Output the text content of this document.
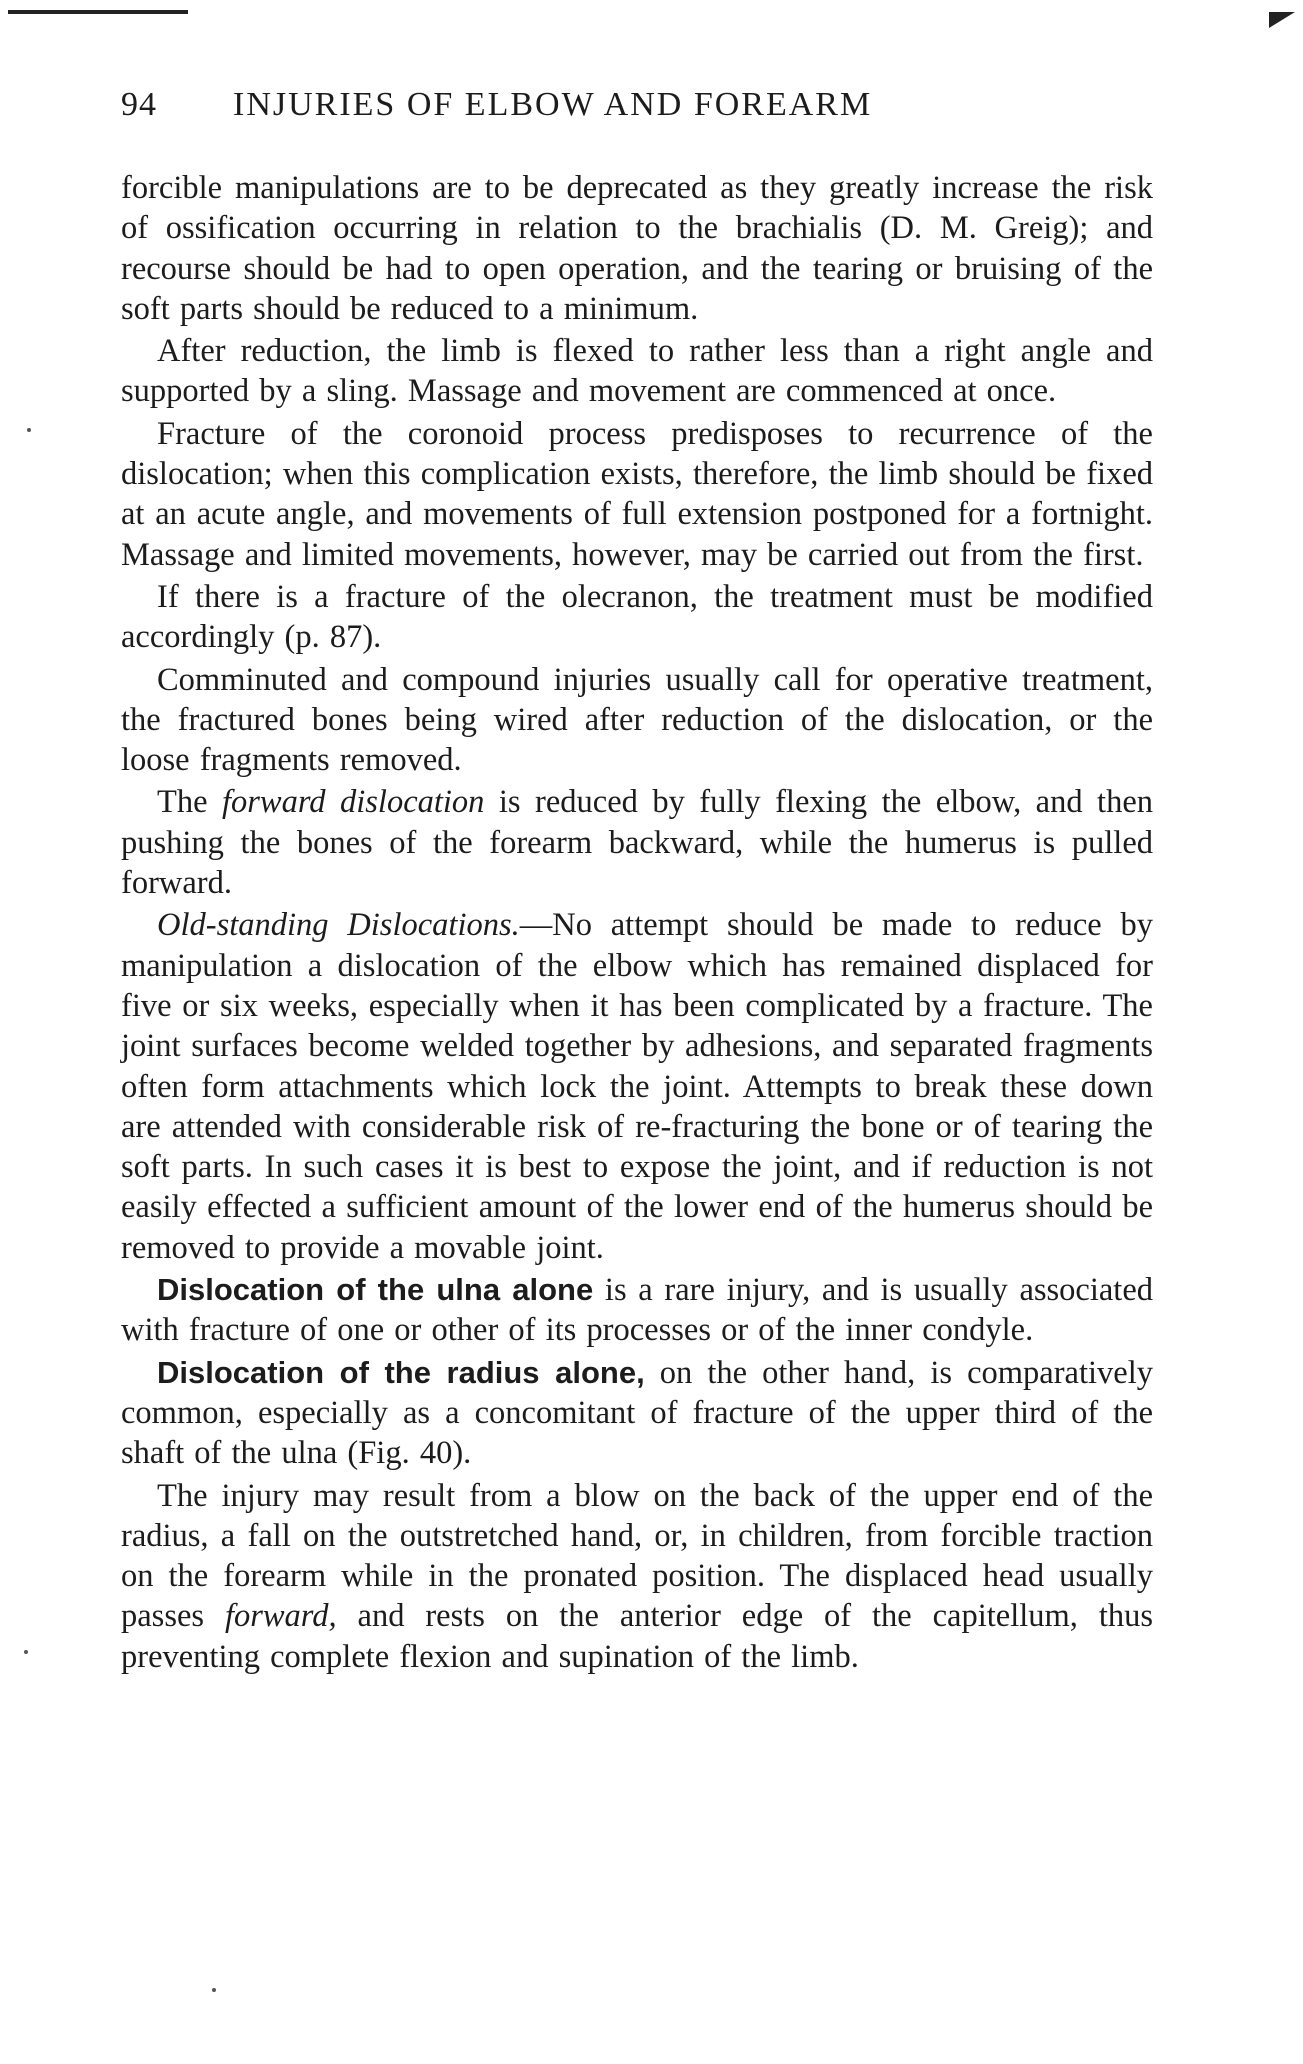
94	INJURIES OF ELBOW AND FOREARM

forcible manipulations are to be deprecated as they greatly increase the risk of ossification occurring in relation to the brachialis (D. M. Greig); and recourse should be had to open operation, and the tearing or bruising of the soft parts should be reduced to a minimum.

After reduction, the limb is flexed to rather less than a right angle and supported by a sling. Massage and movement are commenced at once.

Fracture of the coronoid process predisposes to recurrence of the dislocation; when this complication exists, therefore, the limb should be fixed at an acute angle, and movements of full extension postponed for a fortnight. Massage and limited movements, however, may be carried out from the first.

If there is a fracture of the olecranon, the treatment must be modified accordingly (p. 87).

Comminuted and compound injuries usually call for operative treatment, the fractured bones being wired after reduction of the dislocation, or the loose fragments removed.

The forward dislocation is reduced by fully flexing the elbow, and then pushing the bones of the forearm backward, while the humerus is pulled forward.

Old-standing Dislocations.—No attempt should be made to reduce by manipulation a dislocation of the elbow which has remained displaced for five or six weeks, especially when it has been complicated by a fracture. The joint surfaces become welded together by adhesions, and separated fragments often form attachments which lock the joint. Attempts to break these down are attended with considerable risk of re-fracturing the bone or of tearing the soft parts. In such cases it is best to expose the joint, and if reduction is not easily effected a sufficient amount of the lower end of the humerus should be removed to provide a movable joint.

Dislocation of the ulna alone is a rare injury, and is usually associated with fracture of one or other of its processes or of the inner condyle.

Dislocation of the radius alone, on the other hand, is comparatively common, especially as a concomitant of fracture of the upper third of the shaft of the ulna (Fig. 40).

The injury may result from a blow on the back of the upper end of the radius, a fall on the outstretched hand, or, in children, from forcible traction on the forearm while in the pronated position. The displaced head usually passes forward, and rests on the anterior edge of the capitellum, thus preventing complete flexion and supination of the limb.
